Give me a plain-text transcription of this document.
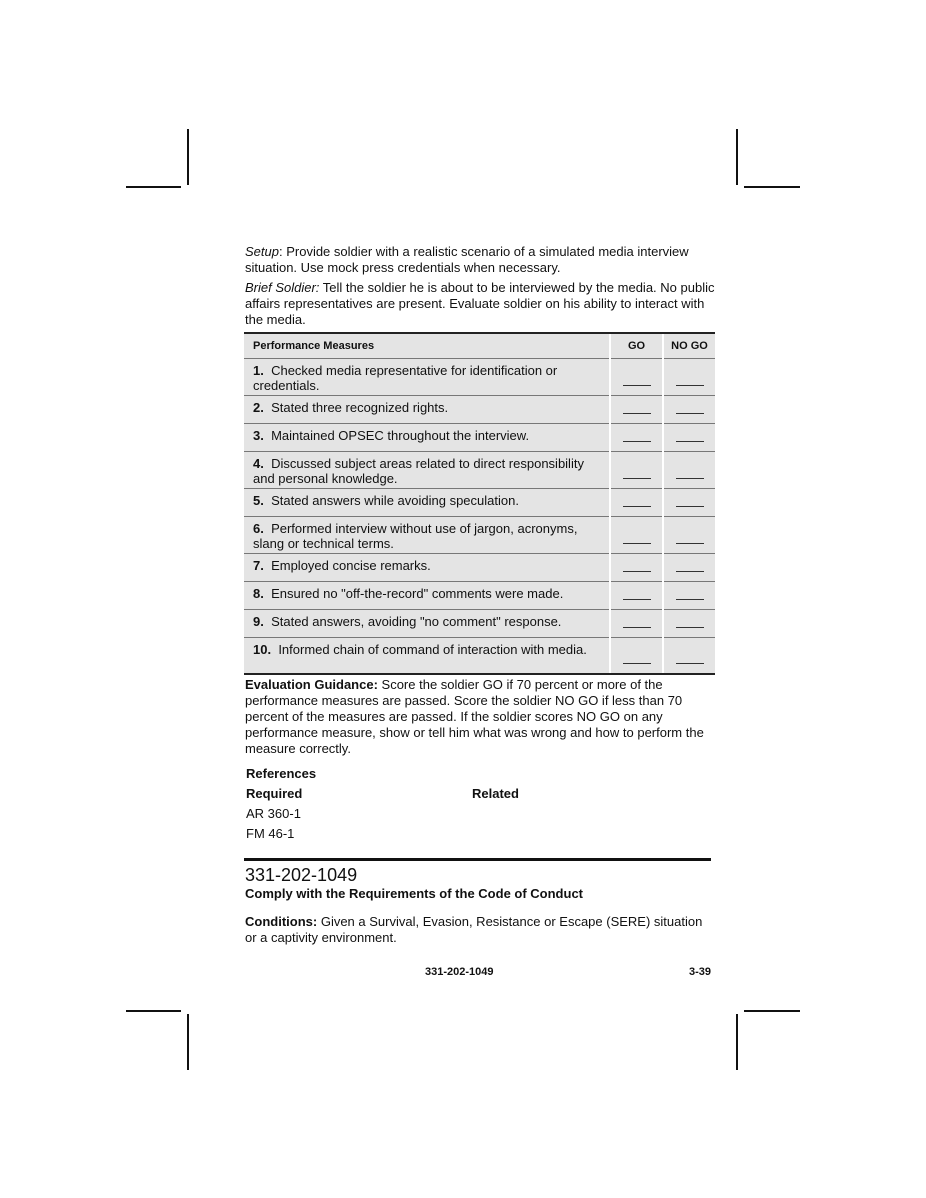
Setup: Provide soldier with a realistic scenario of a simulated media interview situation. Use mock press credentials when necessary.

Brief Soldier: Tell the soldier he is about to be interviewed by the media. No public affairs representatives are present. Evaluate soldier on his ability to interact with the media.

Performance Measures	GO	NO GO
1. Checked media representative for identification or credentials.		
2. Stated three recognized rights.		
3. Maintained OPSEC throughout the interview.		
4. Discussed subject areas related to direct responsibility and personal knowledge.		
5. Stated answers while avoiding speculation.		
6. Performed interview without use of jargon, acronyms, slang or technical terms.		
7. Employed concise remarks.		
8. Ensured no "off-the-record" comments were made.		
9. Stated answers, avoiding "no comment" response.		
10. Informed chain of command of interaction with media.		
Evaluation Guidance: Score the soldier GO if 70 percent or more of the performance measures are passed. Score the soldier NO GO if less than 70 percent of the measures are passed. If the soldier scores NO GO on any performance measure, show or tell him what was wrong and how to perform the measure correctly.
References
Required	Related
AR 360-1
FM 46-1
331-202-1049
Comply with the Requirements of the Code of Conduct
Conditions: Given a Survival, Evasion, Resistance or Escape (SERE) situation or a captivity environment.
331-202-1049	3-39
